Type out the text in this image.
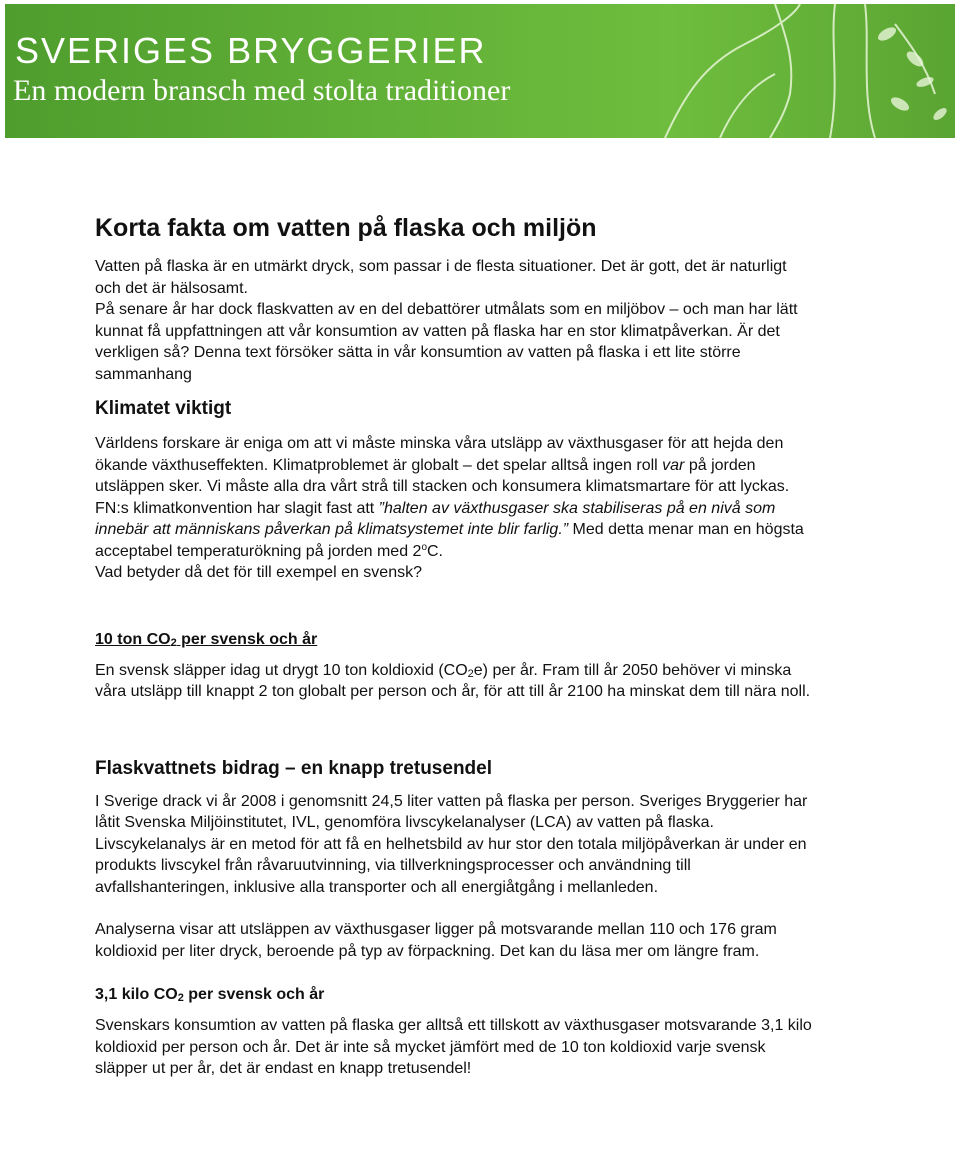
SVERIGES BRYGGERIER
En modern bransch med stolta traditioner
Korta fakta om vatten på flaska och miljön

Vatten på flaska är en utmärkt dryck, som passar i de flesta situationer. Det är gott, det är naturligt och det är hälsosamt.

På senare år har dock flaskvatten av en del debattörer utmålats som en miljöbov – och man har lätt kunnat få uppfattningen att vår konsumtion av vatten på flaska har en stor klimatpåverkan. Är det verkligen så? Denna text försöker sätta in vår konsumtion av vatten på flaska i ett lite större sammanhang

Klimatet viktigt

Världens forskare är eniga om att vi måste minska våra utsläpp av växthusgaser för att hejda den ökande växthuseffekten. Klimatproblemet är globalt – det spelar alltså ingen roll var på jorden utsläppen sker. Vi måste alla dra vårt strå till stacken och konsumera klimatsmartare för att lyckas. FN:s klimatkonvention har slagit fast att ”halten av växthusgaser ska stabiliseras på en nivå som innebär att människans påverkan på klimatsystemet inte blir farlig.” Med detta menar man en högsta acceptabel temperaturökning på jorden med 2$^o$C.

Vad betyder då det för till exempel en svensk?

10 ton $CO_2$ per svensk och år

En svensk släpper idag ut drygt 10 ton koldioxid $(CO_2e)$ per år. Fram till år 2050 behöver vi minska våra utsläpp till knappt 2 ton globalt per person och år, för att till år 2100 ha minskat dem till nära noll.

Flaskvattnets bidrag – en knapp tretusendel

I Sverige drack vi år 2008 i genomsnitt 24,5 liter vatten på flaska per person. Sveriges Bryggerier har låtit Svenska Miljöinstitutet, IVL, genomföra livscykelanalyser (LCA) av vatten på flaska. Livscykelanalys är en metod för att få en helhetsbild av hur stor den totala miljöpåverkan är under en produkts livscykel från råvaruutvinning, via tillverkningsprocesser och användning till avfallshanteringen, inklusive alla transporter och all energiåtgång i mellanleden.

Analyserna visar att utsläppen av växthusgaser ligger på motsvarande mellan 110 och 176 gram koldioxid per liter dryck, beroende på typ av förpackning. Det kan du läsa mer om längre fram.

3,1 kilo $CO_2$ per svensk och år

Svenskars konsumtion av vatten på flaska ger alltså ett tillskott av växthusgaser motsvarande 3,1 kilo koldioxid per person och år. Det är inte så mycket jämfört med de 10 ton koldioxid varje svensk släpper ut per år, det är endast en knapp tretusendel!
